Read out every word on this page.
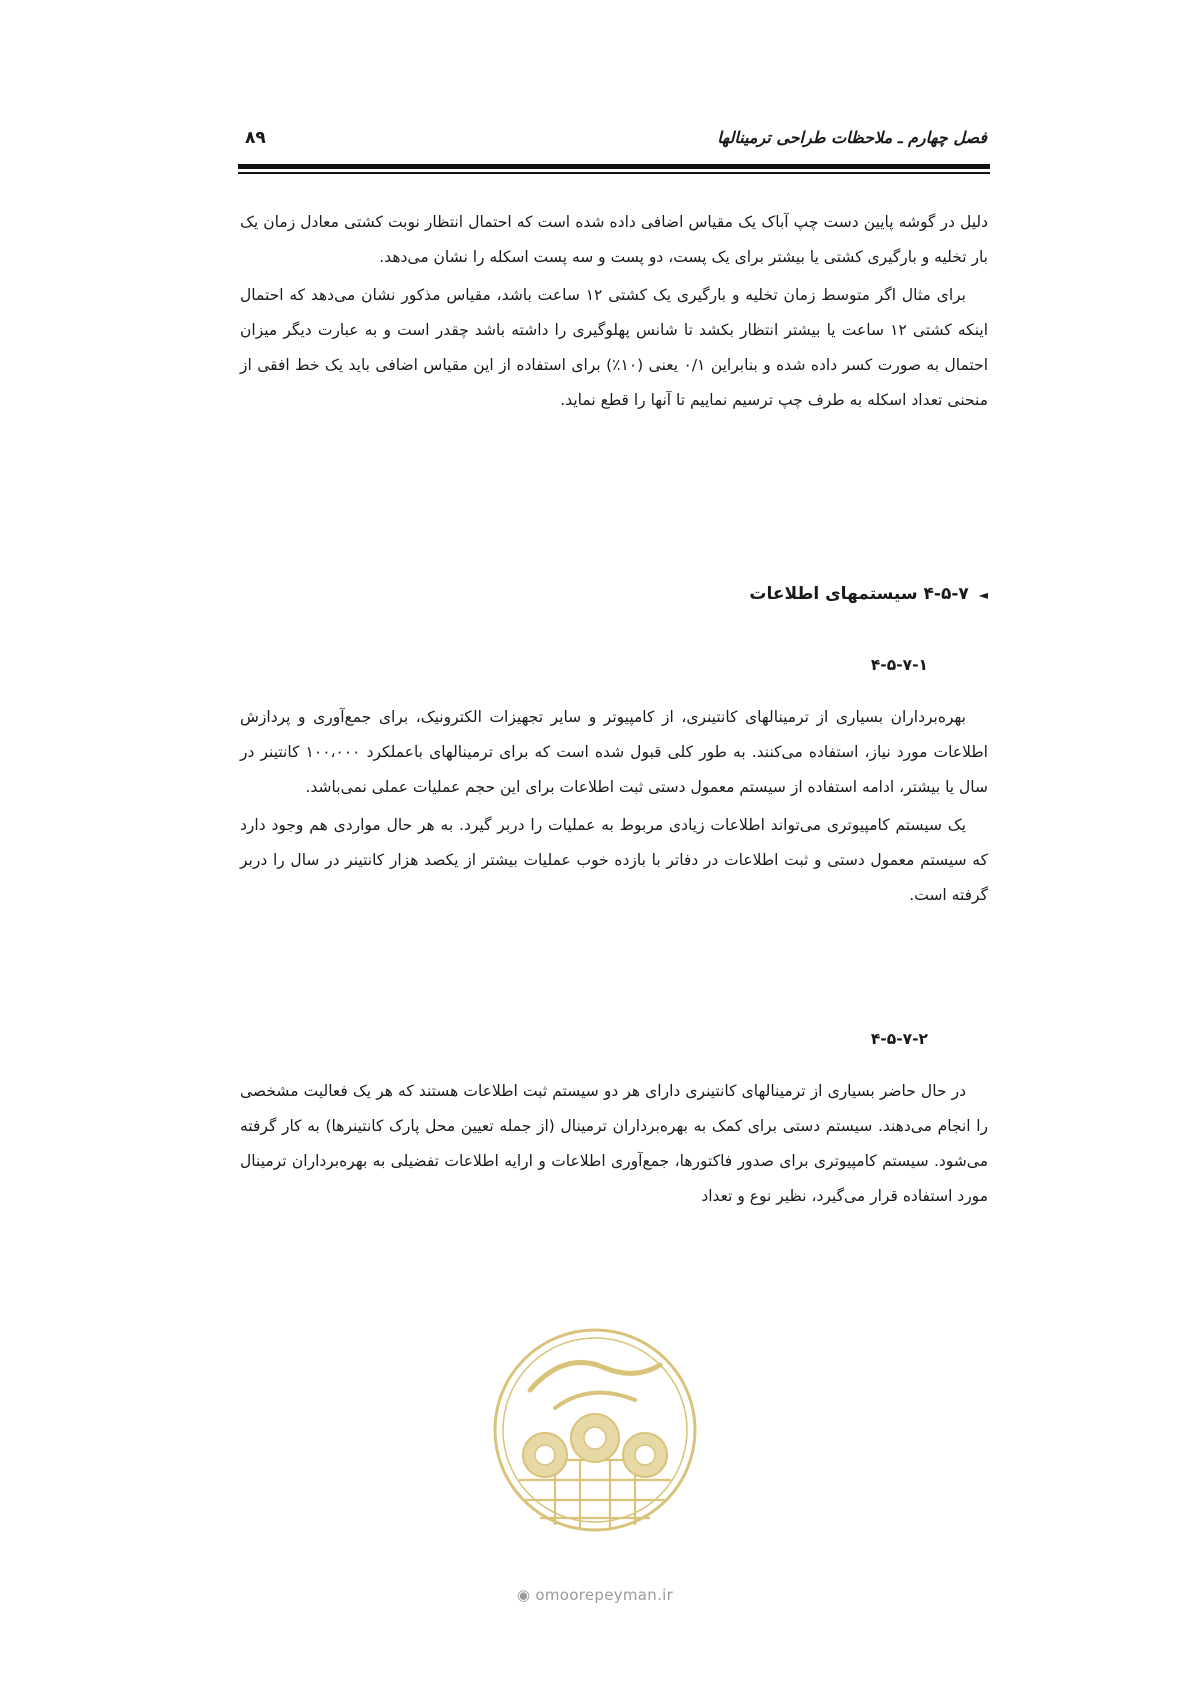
فصل چهارم ـ ملاحظات طراحی ترمینالها
۸۹

دلیل در گوشه پایین دست چپ آباک یک مقیاس اضافی داده شده است که احتمال انتظار نوبت کشتی معادل زمان یک بار تخلیه و بارگیری کشتی یا بیشتر برای یک پست، دو پست و سه پست اسکله را نشان می‌دهد.

برای مثال اگر متوسط زمان تخلیه و بارگیری یک کشتی ۱۲ ساعت باشد، مقیاس مذکور نشان می‌دهد که احتمال اینکه کشتی ۱۲ ساعت یا بیشتر انتظار بکشد تا شانس پهلوگیری را داشته باشد چقدر است و به عبارت دیگر میزان احتمال به صورت کسر داده شده و بنابراین ۰/۱ یعنی (۱۰٪) برای استفاده از این مقیاس اضافی باید یک خط افقی از منحنی تعداد اسکله به طرف چپ ترسیم نماییم تا آنها را قطع نماید.

◄۴-۵-۷ سیستمهای اطلاعات
۴-۵-۷-۱

بهره‌برداران بسیاری از ترمینالهای کانتینری، از کامپیوتر و سایر تجهیزات الکترونیک، برای جمع‌آوری و پردازش اطلاعات مورد نیاز، استفاده می‌کنند. به طور کلی قبول شده است که برای ترمینالهای باعملکرد ۱۰۰،۰۰۰ کانتینر در سال یا بیشتر، ادامه استفاده از سیستم معمول دستی ثبت اطلاعات برای این حجم عملیات عملی نمی‌باشد.

یک سیستم کامپیوتری می‌تواند اطلاعات زیادی مربوط به عملیات را دربر گیرد. به هر حال مواردی هم وجود دارد که سیستم معمول دستی و ثبت اطلاعات در دفاتر با بازده خوب عملیات بیشتر از یکصد هزار کانتینر در سال را دربر گرفته است.

۴-۵-۷-۲

در حال حاضر بسیاری از ترمینالهای کانتینری دارای هر دو سیستم ثبت اطلاعات هستند که هر یک فعالیت مشخصی را انجام می‌دهند. سیستم دستی برای کمک به بهره‌برداران ترمینال (از جمله تعیین محل پارک کانتینرها) به کار گرفته می‌شود. سیستم کامپیوتری برای صدور فاکتورها، جمع‌آوری اطلاعات و ارایه اطلاعات تفضیلی به بهره‌برداران ترمینال مورد استفاده قرار می‌گیرد، نظیر نوع و تعداد

◉ omoorepeyman.ir
